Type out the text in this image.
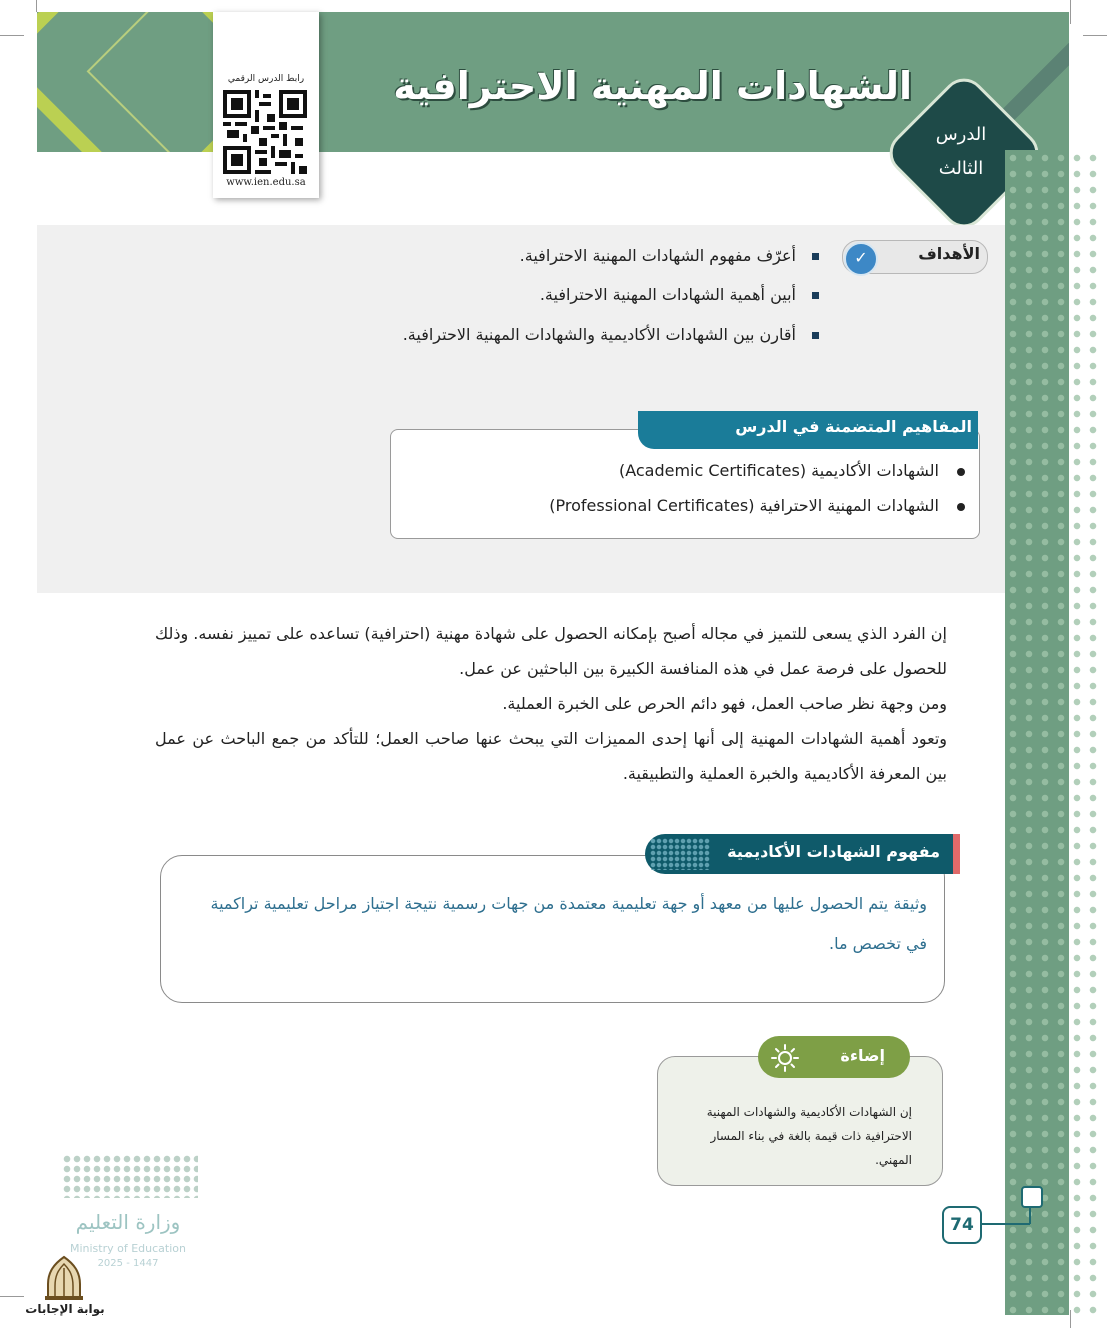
الشهادات المهنية الاحترافية
الدرس
الثالث
رابط الدرس الرقمي
www.ien.edu.sa
الأهداف
✓
أعرّف مفهوم الشهادات المهنية الاحترافية.
أبين أهمية الشهادات المهنية الاحترافية.
أقارن بين الشهادات الأكاديمية والشهادات المهنية الاحترافية.
المفاهيم المتضمنة في الدرس
الشهادات الأكاديمية (Academic Certificates)
الشهادات المهنية الاحترافية (Professional Certificates)
إن الفرد الذي يسعى للتميز في مجاله أصبح بإمكانه الحصول على شهادة مهنية (احترافية) تساعده على تمييز نفسه. وذلك للحصول على فرصة عمل في هذه المنافسة الكبيرة بين الباحثين عن عمل.
ومن وجهة نظر صاحب العمل، فهو دائم الحرص على الخبرة العملية.
وتعود أهمية الشهادات المهنية إلى أنها إحدى المميزات التي يبحث عنها صاحب العمل؛ للتأكد من جمع الباحث عن عمل بين المعرفة الأكاديمية والخبرة العملية والتطبيقية.
مفهوم الشهادات الأكاديمية
وثيقة يتم الحصول عليها من معهد أو جهة تعليمية معتمدة من جهات رسمية نتيجة اجتياز مراحل تعليمية تراكمية في تخصص ما.
إضاءة
إن الشهادات الأكاديمية والشهادات المهنية الاحترافية ذات قيمة بالغة في بناء المسار المهني.
74
وزارة التعليم
Ministry of Education
2025 - 1447
بوابة الإجابات
